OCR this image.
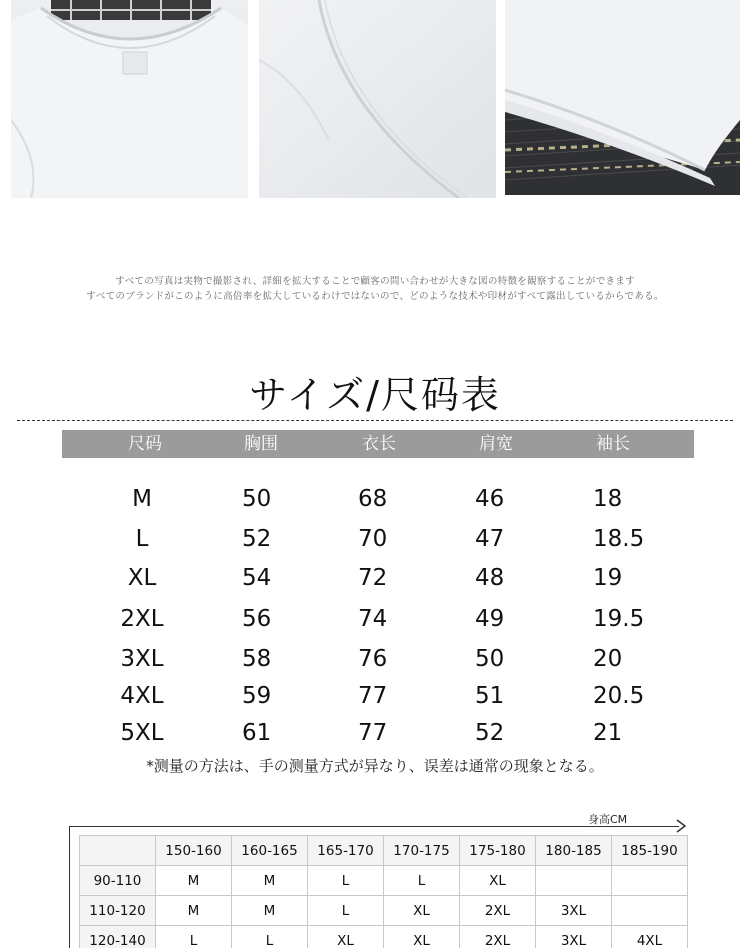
すべての写真は実物で撮影され、詳細を拡大することで顧客の問い合わせが大きな図の特徴を観察することができます
すべてのブランドがこのように高倍率を拡大しているわけではないので、どのような技术や印材がすべて露出しているからである。
サイズ/尺码表
尺码	胸围	衣长	肩宽	袖长
M	50	68	46	18
L	52	70	47	18.5
XL	54	72	48	19
2XL	56	74	49	19.5
3XL	58	76	50	20
4XL	59	77	51	20.5
5XL	61	77	52	21
*测量の方法は、手の测量方式が异なり、误差は通常の现象となる。
身高CM
	150-160	160-165	165-170	170-175	175-180	180-185	185-190
90-110	M	M	L	L	XL		
110-120	M	M	L	XL	2XL	3XL	
120-140	L	L	XL	XL	2XL	3XL	4XL
